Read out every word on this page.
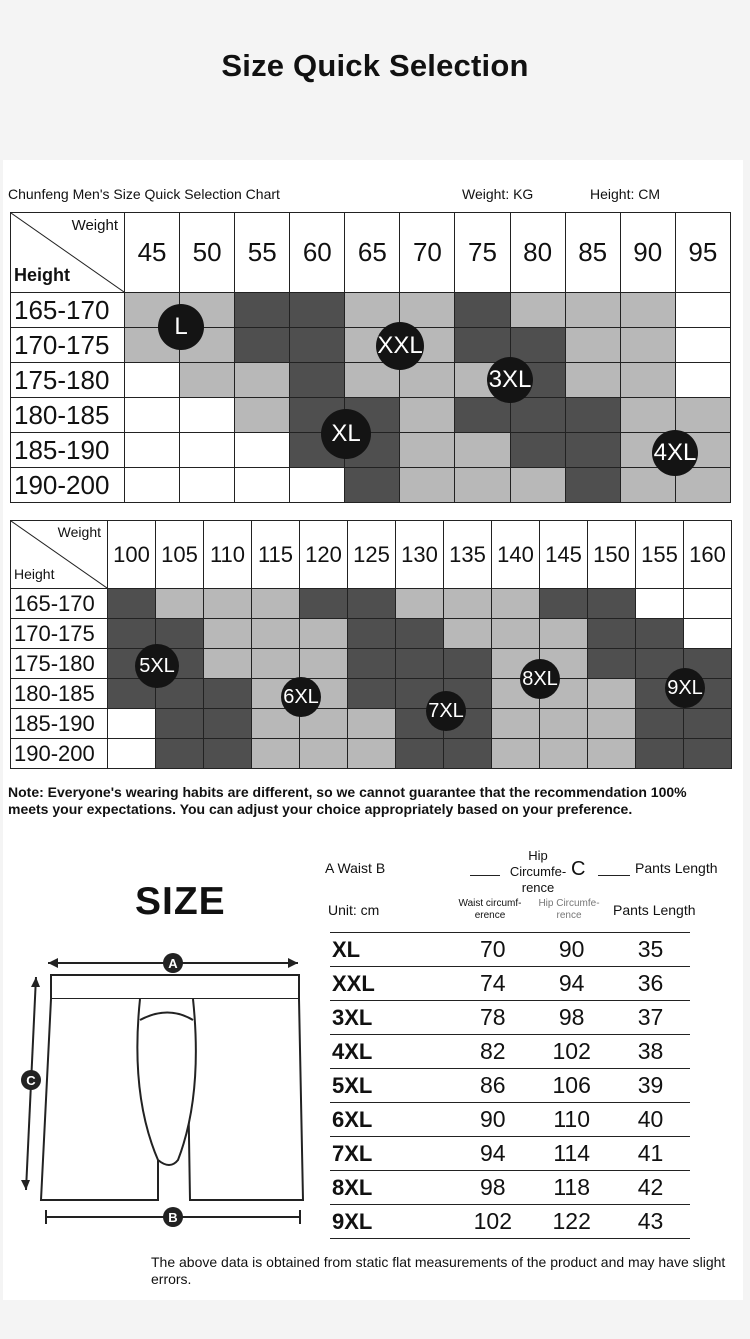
Size Quick Selection
Chunfeng Men's Size Quick Selection Chart	Weight: KG	Height: CM
Weight
Height	45	50	55	60	65	70	75	80	85	90	95
165-170											
170-175											
175-180											
180-185											
185-190											
190-200											
Weight
Height	100	105	110	115	120	125	130	135	140	145	150	155	160
165-170													
170-175													
175-180													
180-185													
185-190													
190-200													
L
XXL
3XL
XL
4XL
5XL
6XL
7XL
8XL	9XL
Note: Everyone's wearing habits are different, so we cannot guarantee that the recommendation 100% meets your expectations. You can adjust your choice appropriately based on your preference.
SIZE
A
C
B
A Waist B
Hip Circumfe- rence
C	Pants Length
Unit: cm	Waist circumf- erence
Hip Circumfe- rence	Pants Length
XL	70	90	35
XXL	74	94	36
3XL	78	98	37
4XL	82	102	38
5XL	86	106	39
6XL	90	110	40
7XL	94	114	41
8XL	98	118	42
9XL	102	122	43
The above data is obtained from static flat measurements of the product and may have slight errors.
